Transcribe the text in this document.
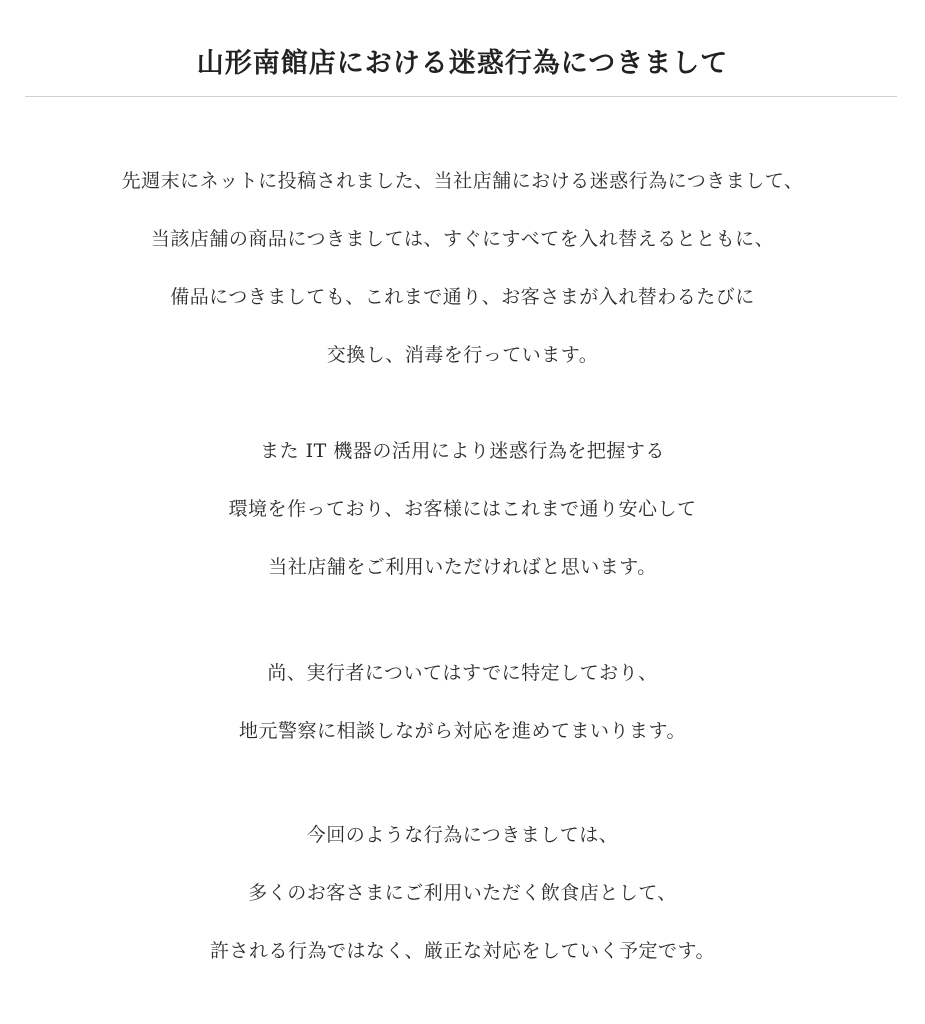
山形南館店における迷惑行為につきまして
先週末にネットに投稿されました、当社店舗における迷惑行為につきまして、
当該店舗の商品につきましては、すぐにすべてを入れ替えるとともに、
備品につきましても、これまで通り、お客さまが入れ替わるたびに
交換し、消毒を行っています。
また IT 機器の活用により迷惑行為を把握する
環境を作っており、お客様にはこれまで通り安心して
当社店舗をご利用いただければと思います。
尚、実行者についてはすでに特定しており、
地元警察に相談しながら対応を進めてまいります。
今回のような行為につきましては、
多くのお客さまにご利用いただく飲食店として、
許される行為ではなく、厳正な対応をしていく予定です。
